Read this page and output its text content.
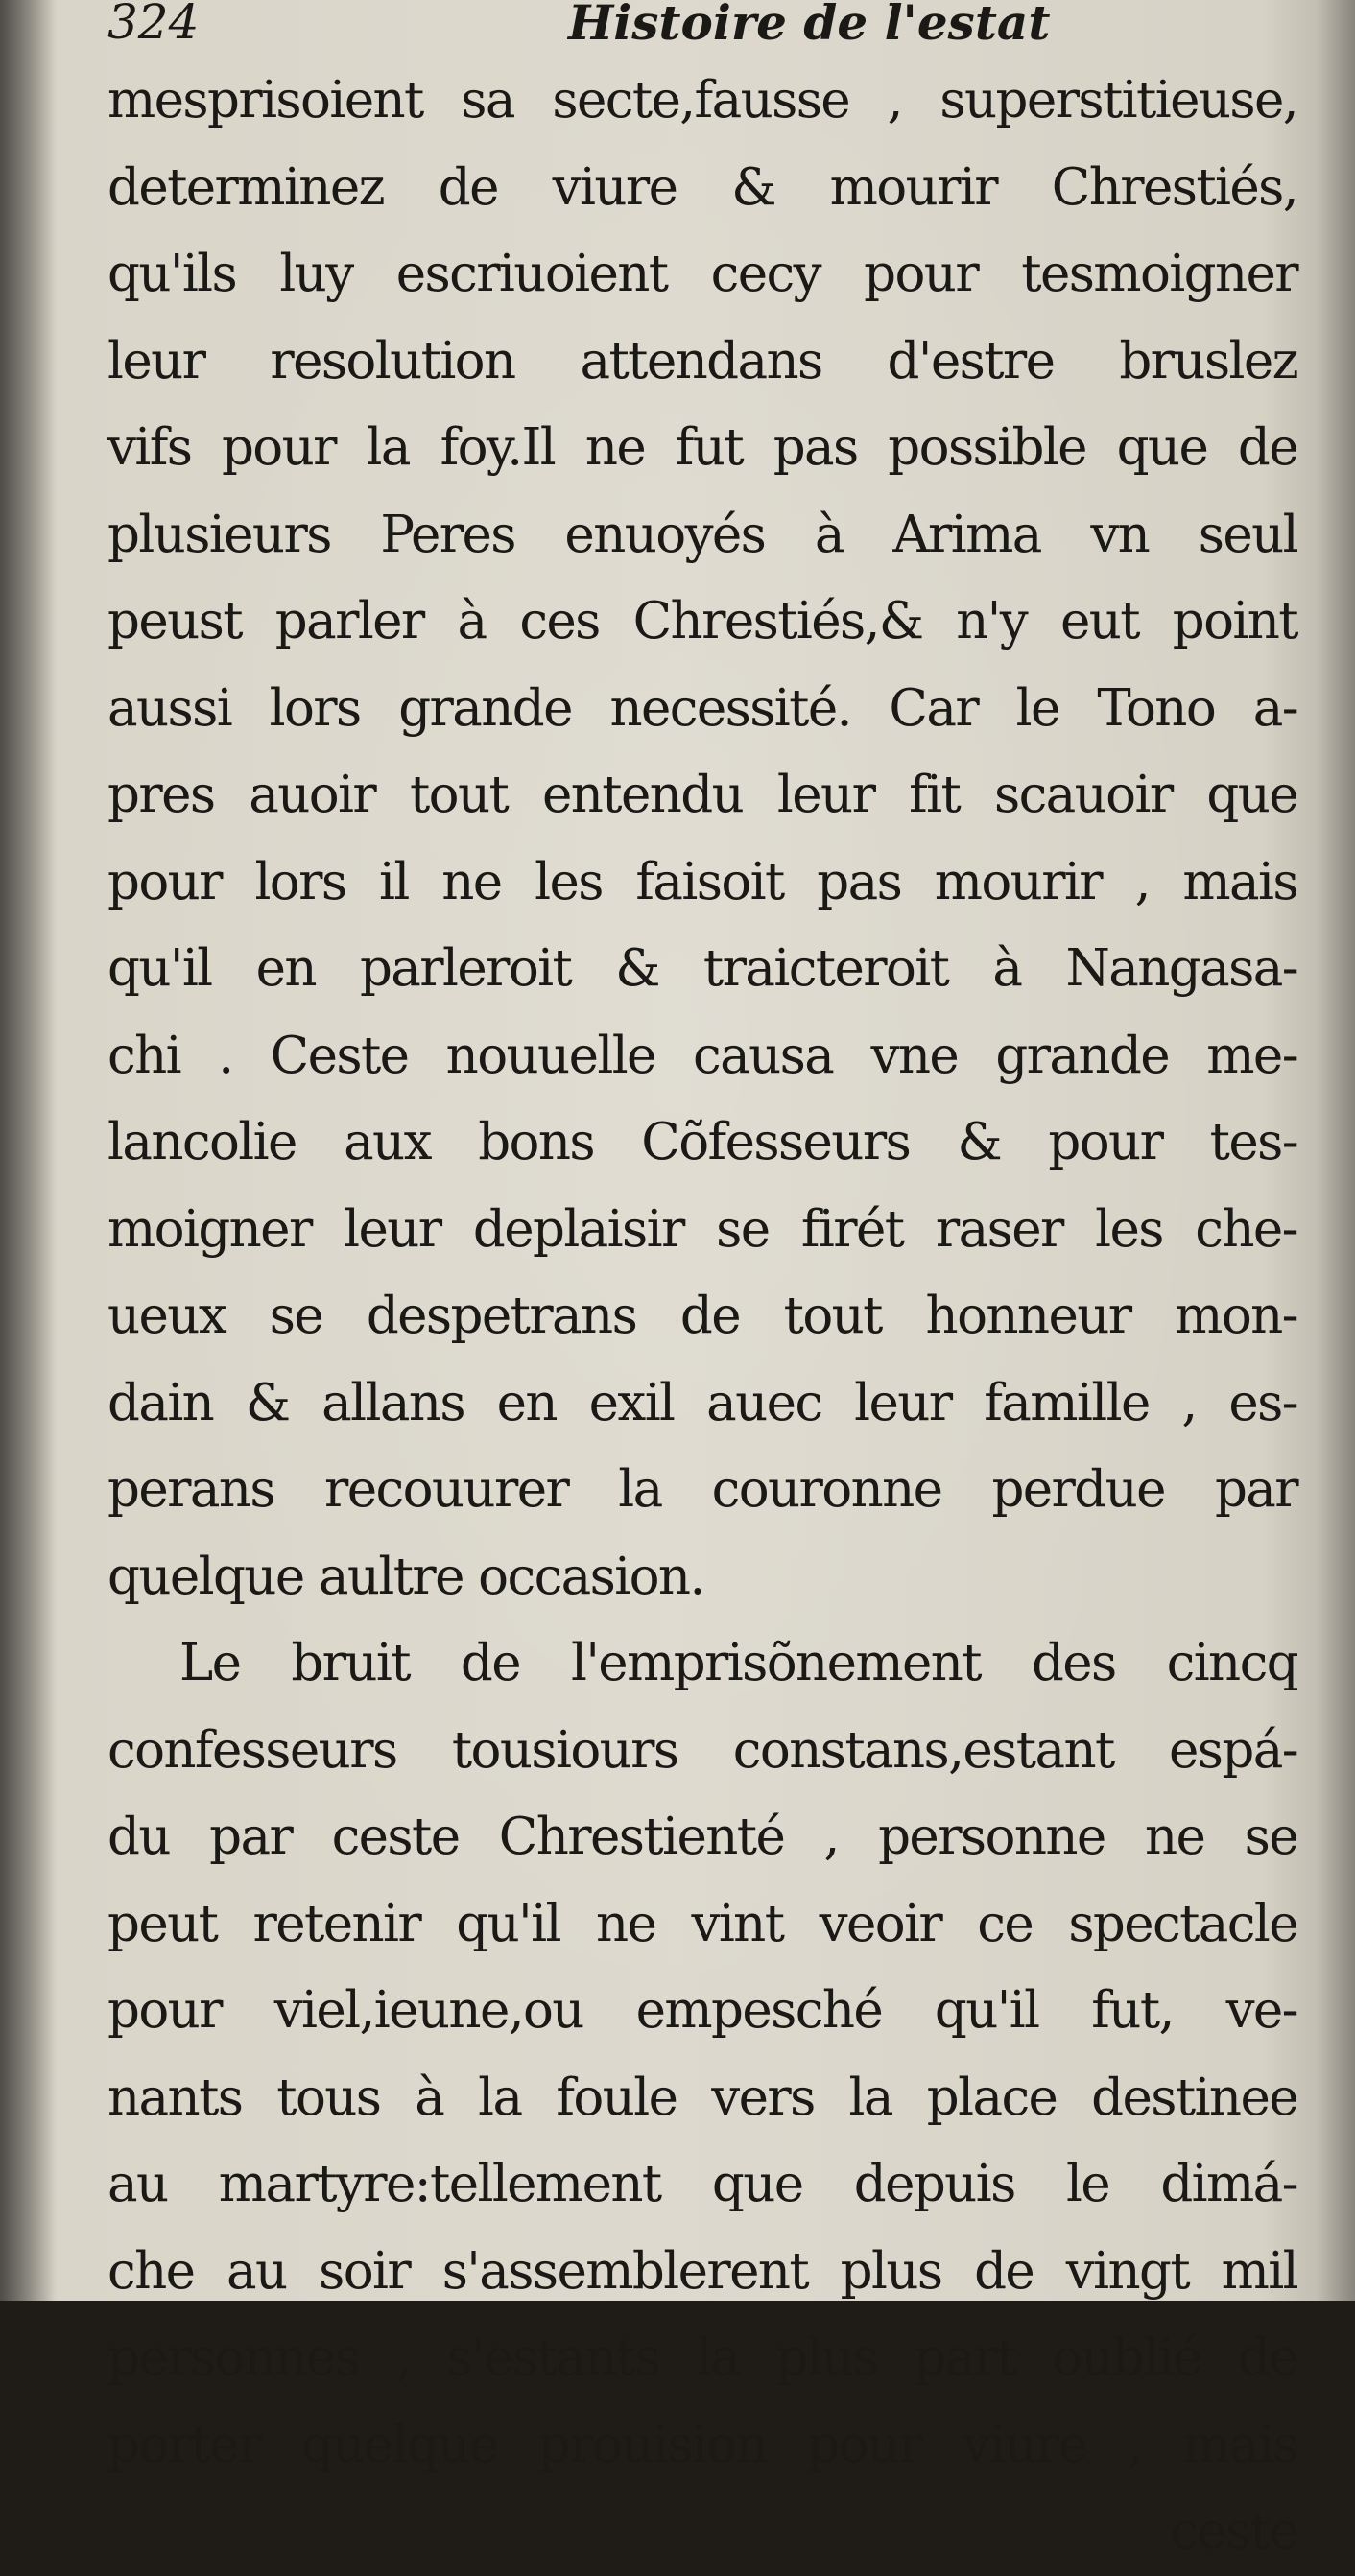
324	Histoire de l'estat
mesprisoient sa secte,fausse , superstitieuse,
determinez de viure & mourir Chrestiés,
qu'ils luy escriuoient cecy pour tesmoigner
leur resolution attendans d'estre bruslez
vifs pour la foy.Il ne fut pas possible que de
plusieurs Peres enuoyés à Arima vn seul
peust parler à ces Chrestiés,& n'y eut point
aussi lors grande necessité. Car le Tono a-
pres auoir tout entendu leur fit scauoir que
pour lors il ne les faisoit pas mourir , mais
qu'il en parleroit & traicteroit à Nangasa-
chi . Ceste nouuelle causa vne grande me-
lancolie aux bons Cõfesseurs & pour tes-
moigner leur deplaisir se firét raser les che-
ueux se despetrans de tout honneur mon-
dain & allans en exil auec leur famille , es-
perans recouurer la couronne perdue par
quelque aultre occasion.
Le bruit de l'emprisõnement des cincq
confesseurs tousiours constans,estant espá-
du par ceste Chrestienté , personne ne se
peut retenir qu'il ne vint veoir ce spectacle
pour viel,ieune,ou empesché qu'il fut, ve-
nants tous à la foule vers la place destinee
au martyre:tellement que depuis le dimá-
che au soir s'assemblerent plus de vingt mil
personnes , s'estants la plus part oublié de
porter quelque prouision pour viure , mais
ceste
